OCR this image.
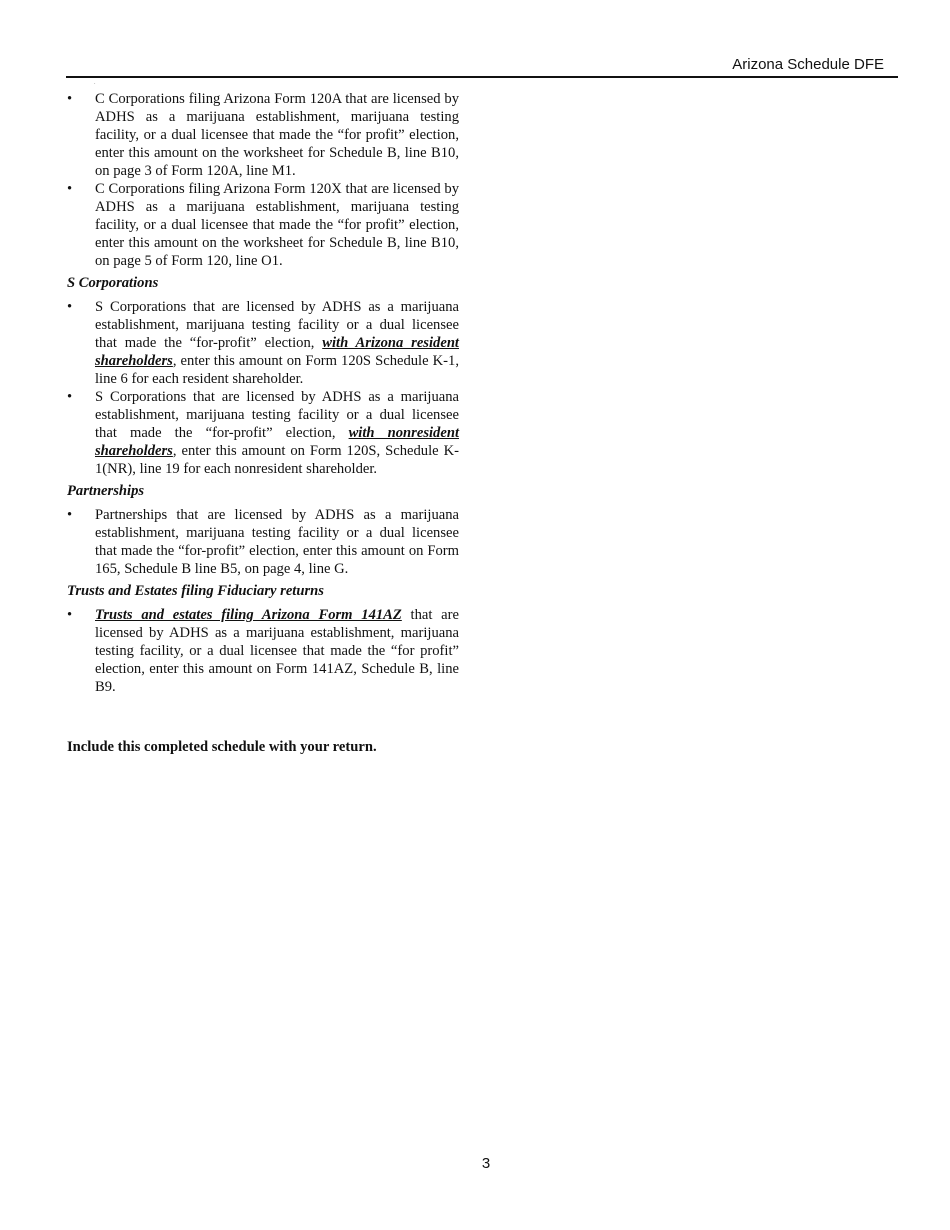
Arizona Schedule DFE
.
• C Corporations filing Arizona Form 120A that are licensed by ADHS as a marijuana establishment, marijuana testing facility, or a dual licensee that made the “for profit” election, enter this amount on the worksheet for Schedule B, line B10, on page 3 of Form 120A, line M1.
• C Corporations filing Arizona Form 120X that are licensed by ADHS as a marijuana establishment, marijuana testing facility, or a dual licensee that made the “for profit” election, enter this amount on the worksheet for Schedule B, line B10, on page 5 of Form 120, line O1.
S Corporations
• S Corporations that are licensed by ADHS as a marijuana establishment, marijuana testing facility or a dual licensee that made the “for-profit” election, with Arizona resident shareholders, enter this amount on Form 120S Schedule K-1, line 6 for each resident shareholder.
• S Corporations that are licensed by ADHS as a marijuana establishment, marijuana testing facility or a dual licensee that made the “for-profit” election, with nonresident shareholders, enter this amount on Form 120S, Schedule K-1(NR), line 19 for each nonresident shareholder.
Partnerships
• Partnerships that are licensed by ADHS as a marijuana establishment, marijuana testing facility or a dual licensee that made the “for-profit” election, enter this amount on Form 165, Schedule B line B5, on page 4, line G.
Trusts and Estates filing Fiduciary returns
• Trusts and estates filing Arizona Form 141AZ that are licensed by ADHS as a marijuana establishment, marijuana testing facility, or a dual licensee that made the “for profit” election, enter this amount on Form 141AZ, Schedule B, line B9.
Include this completed schedule with your return.
3
